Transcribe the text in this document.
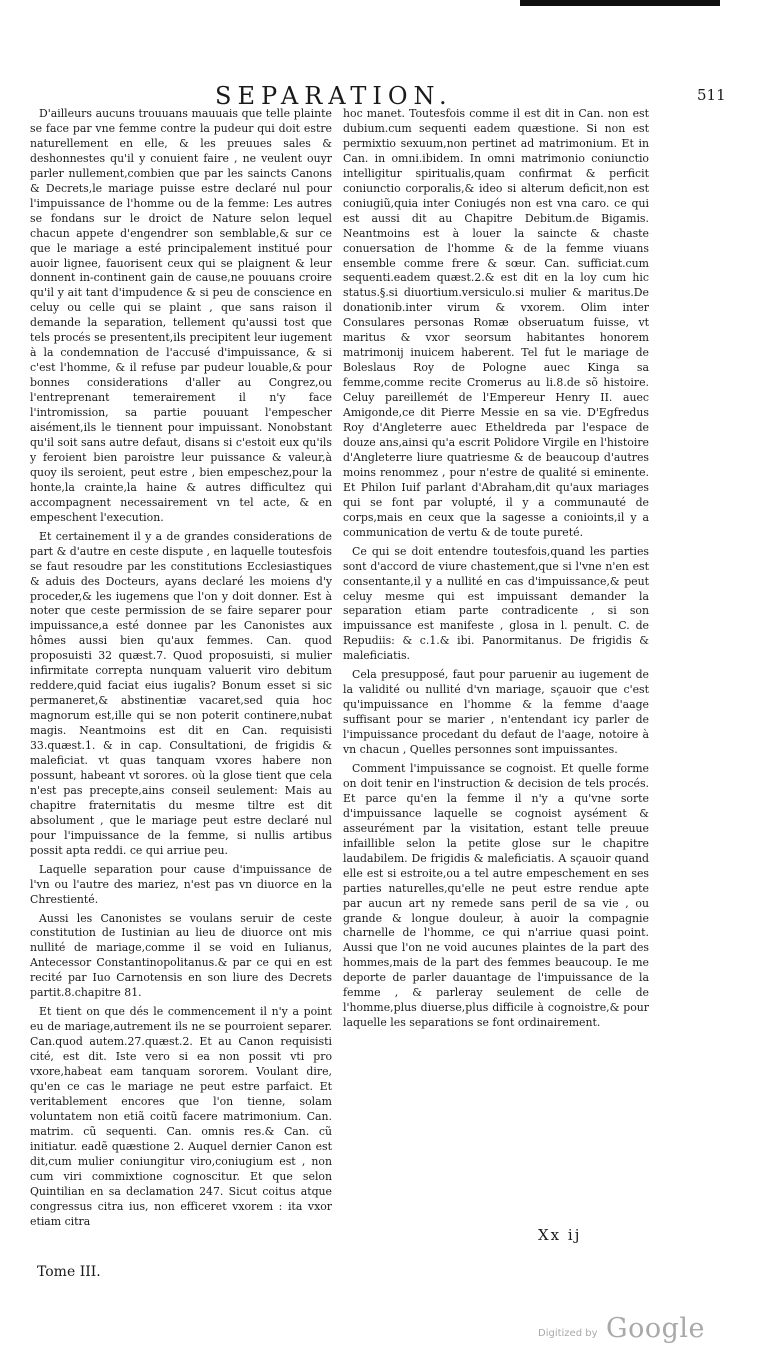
SEPARATION.	511

D'ailleurs aucuns trouuans mauuais que telle plainte se face par vne femme contre la pudeur qui doit estre naturellement en elle, & les preuues sales & deshonnestes qu'il y conuient faire , ne veulent ouyr parler nullement,combien que par les saincts Canons & Decrets,le mariage puisse estre declaré nul pour l'impuissance de l'homme ou de la femme: Les autres se fondans sur le droict de Nature selon lequel chacun appete d'engendrer son semblable,& sur ce que le mariage a esté principalement institué pour auoir lignee, fauorisent ceux qui se plaignent & leur donnent in-continent gain de cause,ne pouuans croire qu'il y ait tant d'impudence & si peu de conscience en celuy ou celle qui se plaint , que sans raison il demande la separation, tellement qu'aussi tost que tels procés se presentent,ils precipitent leur iugement à la condemnation de l'accusé d'impuissance, & si c'est l'homme, & il refuse par pudeur louable,& pour bonnes considerations d'aller au Congrez,ou l'entreprenant temerairement il n'y face l'intromission, sa partie pouuant l'empescher aisément,ils le tiennent pour impuissant. Nonobstant qu'il soit sans autre defaut, disans si c'estoit eux qu'ils y feroient bien paroistre leur puissance & valeur,à quoy ils seroient, peut estre , bien empeschez,pour la honte,la crainte,la haine & autres difficultez qui accompagnent necessairement vn tel acte, & en empeschent l'execution.

Et certainement il y a de grandes considerations de part & d'autre en ceste dispute , en laquelle toutesfois se faut resoudre par les constitutions Ecclesiastiques & aduis des Docteurs, ayans declaré les moiens d'y proceder,& les iugemens que l'on y doit donner. Est à noter que ceste permission de se faire separer pour impuissance,a esté donnee par les Canonistes aux hômes aussi bien qu'aux femmes. Can. quod proposuisti 32 quæst.7. Quod proposuisti, si mulier infirmitate correpta nunquam valuerit viro debitum reddere,quid faciat eius iugalis? Bonum esset si sic permaneret,& abstinentiæ vacaret,sed quia hoc magnorum est,ille qui se non poterit continere,nubat magis. Neantmoins est dit en Can. requisisti 33.quæst.1. & in cap. Consultationi, de frigidis & maleficiat. vt quas tanquam vxores habere non possunt, habeant vt sorores. où la glose tient que cela n'est pas precepte,ains conseil seulement: Mais au chapitre fraternitatis du mesme tiltre est dit absolument , que le mariage peut estre declaré nul pour l'impuissance de la femme, si nullis artibus possit apta reddi. ce qui arriue peu.

Laquelle separation pour cause d'impuissance de l'vn ou l'autre des mariez, n'est pas vn diuorce en la Chrestienté.

Aussi les Canonistes se voulans seruir de ceste constitution de Iustinian au lieu de diuorce ont mis nullité de mariage,comme il se void en Iulianus, Antecessor Constantinopolitanus.& par ce qui en est recité par Iuo Carnotensis en son liure des Decrets partit.8.chapitre 81.

Et tient on que dés le commencement il n'y a point eu de mariage,autrement ils ne se pourroient separer. Can.quod autem.27.quæst.2. Et au Canon requisisti cité, est dit. Iste vero si ea non possit vti pro vxore,habeat eam tanquam sororem. Voulant dire, qu'en ce cas le mariage ne peut estre parfaict. Et veritablement encores que l'on tienne, solam voluntatem non etiã coitũ facere matrimonium. Can. matrim. cũ sequenti. Can. omnis res.& Can. cũ initiatur. eadẽ quæstione 2. Auquel dernier Canon est dit,cum mulier coniungitur viro,coniugium est , non cum viri commixtione cognoscitur. Et que selon Quintilian en sa declamation 247. Sicut coitus atque congressus citra ius, non efficeret vxorem : ita vxor etiam citra

hoc manet. Toutesfois comme il est dit in Can. non est dubium.cum sequenti eadem quæstione. Si non est permixtio sexuum,non pertinet ad matrimonium. Et in Can. in omni.ibidem. In omni matrimonio coniunctio intelligitur spiritualis,quam confirmat & perficit coniunctio corporalis,& ideo si alterum deficit,non est coniugiũ,quia inter Coniugés non est vna caro. ce qui est aussi dit au Chapitre Debitum.de Bigamis. Neantmoins est à louer la saincte & chaste conuersation de l'homme & de la femme viuans ensemble comme frere & sœur. Can. sufficiat.cum sequenti.eadem quæst.2.& est dit en la loy cum hic status.§.si diuortium.versiculo.si mulier & maritus.De donationib.inter virum & vxorem. Olim inter Consulares personas Romæ obseruatum fuisse, vt maritus & vxor seorsum habitantes honorem matrimonij inuicem haberent. Tel fut le mariage de Boleslaus Roy de Pologne auec Kinga sa femme,comme recite Cromerus au li.8.de sõ histoire. Celuy pareillemét de l'Empereur Henry II. auec Amigonde,ce dit Pierre Messie en sa vie. D'Egfredus Roy d'Angleterre auec Etheldreda par l'espace de douze ans,ainsi qu'a escrit Polidore Virgile en l'histoire d'Angleterre liure quatriesme & de beaucoup d'autres moins renommez , pour n'estre de qualité si eminente. Et Philon Iuif parlant d'Abraham,dit qu'aux mariages qui se font par volupté, il y a communauté de corps,mais en ceux que la sagesse a conioints,il y a communication de vertu & de toute pureté.

Ce qui se doit entendre toutesfois,quand les parties sont d'accord de viure chastement,que si l'vne n'en est consentante,il y a nullité en cas d'impuissance,& peut celuy mesme qui est impuissant demander la separation etiam parte contradicente , si son impuissance est manifeste , glosa in l. penult. C. de Repudiis: & c.1.& ibi. Panormitanus. De frigidis & maleficiatis.

Cela presupposé, faut pour paruenir au iugement de la validité ou nullité d'vn mariage, sçauoir que c'est qu'impuissance en l'homme & la femme d'aage suffisant pour se marier , n'entendant icy parler de l'impuissance procedant du defaut de l'aage, notoire à vn chacun , Quelles personnes sont impuissantes.

Comment l'impuissance se cognoist. Et quelle forme on doit tenir en l'instruction & decision de tels procés. Et parce qu'en la femme il n'y a qu'vne sorte d'impuissance laquelle se cognoist aysément & asseurément par la visitation, estant telle preuue infaillible selon la petite glose sur le chapitre laudabilem. De frigidis & maleficiatis. A sçauoir quand elle est si estroite,ou a tel autre empeschement en ses parties naturelles,qu'elle ne peut estre rendue apte par aucun art ny remede sans peril de sa vie , ou grande & longue douleur, à auoir la compagnie charnelle de l'homme, ce qui n'arriue quasi point. Aussi que l'on ne void aucunes plaintes de la part des hommes,mais de la part des femmes beaucoup. Ie me deporte de parler dauantage de l'impuissance de la femme , & parleray seulement de celle de l'homme,plus diuerse,plus difficile à cognoistre,& pour laquelle les separations se font ordinairement.

Xx ij
Tome III.
Digitized by Google
